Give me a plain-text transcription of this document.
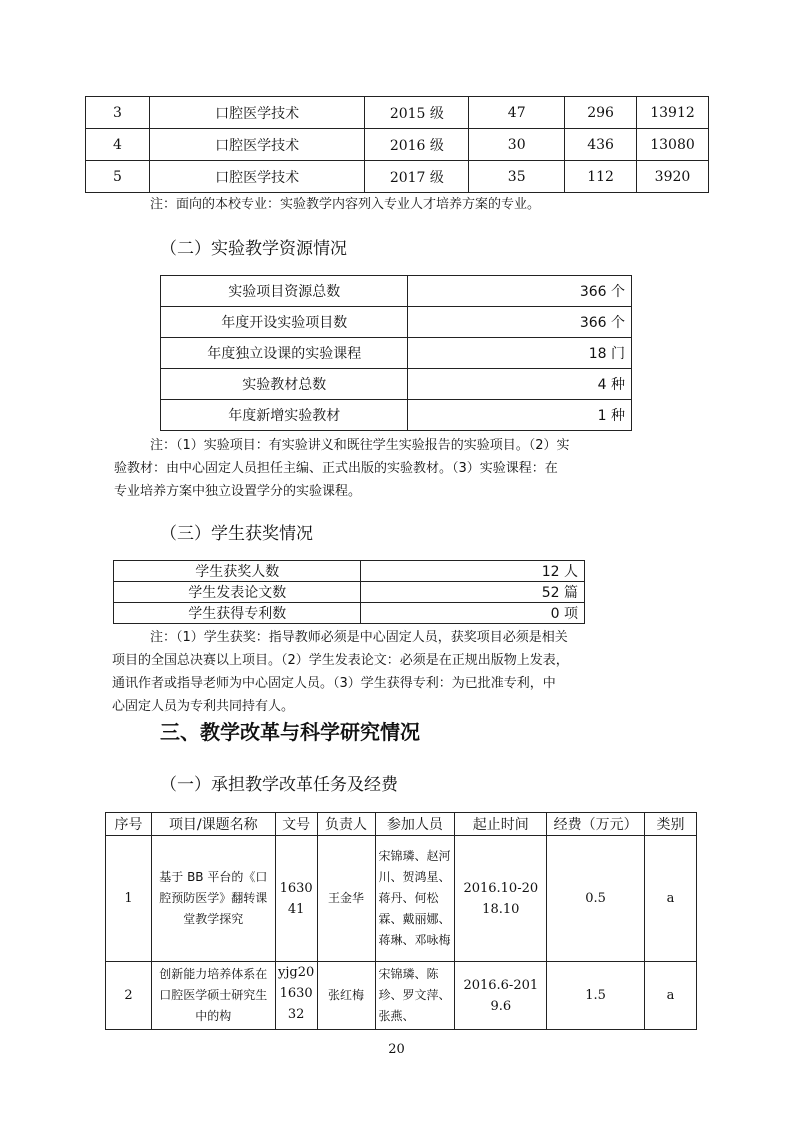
3	口腔医学技术	2015 级	47	296	13912
4	口腔医学技术	2016 级	30	436	13080
5	口腔医学技术	2017 级	35	112	3920
注：面向的本校专业：实验教学内容列入专业人才培养方案的专业。
（二）实验教学资源情况
实验项目资源总数	366 个
年度开设实验项目数	366 个
年度独立设课的实验课程	18 门
实验教材总数	4 种
年度新增实验教材	1 种
注：（1）实验项目：有实验讲义和既往学生实验报告的实验项目。（2）实
验教材：由中心固定人员担任主编、正式出版的实验教材。（3）实验课程：在
专业培养方案中独立设置学分的实验课程。
（三）学生获奖情况
学生获奖人数	12 人
学生发表论文数	52 篇
学生获得专利数	0 项
注：（1）学生获奖：指导教师必须是中心固定人员，获奖项目必须是相关
项目的全国总决赛以上项目。（2）学生发表论文：必须是在正规出版物上发表，
通讯作者或指导老师为中心固定人员。（3）学生获得专利：为已批准专利，中
心固定人员为专利共同持有人。
三、教学改革与科学研究情况
（一）承担教学改革任务及经费
序号	项目/课题名称	文号	负责人	参加人员	起止时间	经费（万元）	类别
1	基于 BB 平台的《口腔预防医学》翻转课堂教学探究	163041	王金华	宋锦璘、赵河川、贺鸿星、蒋丹、何松霖、戴丽娜、蒋琳、邓咏梅	2016.10-2018.10	0.5	a
2	创新能力培养体系在口腔医学硕士研究生中的构	yjg20163032	张红梅	宋锦璘、陈珍、罗文萍、张燕、	2016.6-2019.6	1.5	a
20
